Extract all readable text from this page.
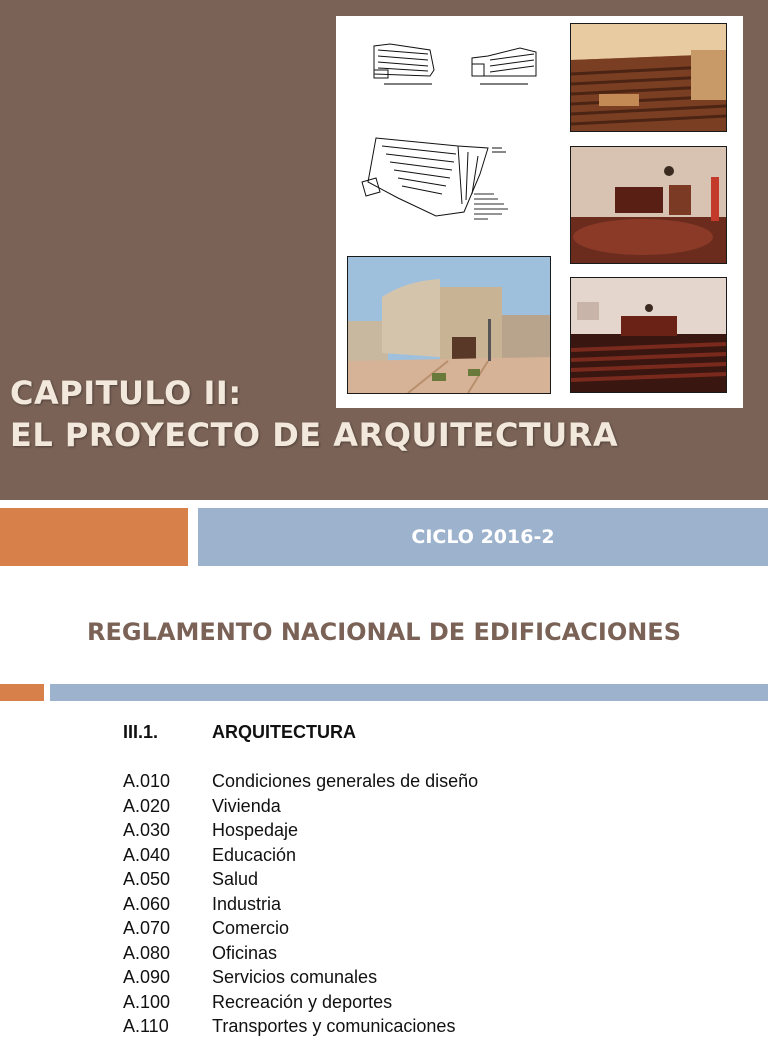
CAPITULO II:
EL PROYECTO DE ARQUITECTURA
CICLO 2016-2
REGLAMENTO NACIONAL DE EDIFICACIONES
III.1.	ARQUITECTURA
A.010	Condiciones generales de diseño
A.020	Vivienda
A.030	Hospedaje
A.040	Educación
A.050	Salud
A.060	Industria
A.070	Comercio
A.080	Oficinas
A.090	Servicios comunales
A.100	Recreación y deportes
A.110	Transportes y comunicaciones
